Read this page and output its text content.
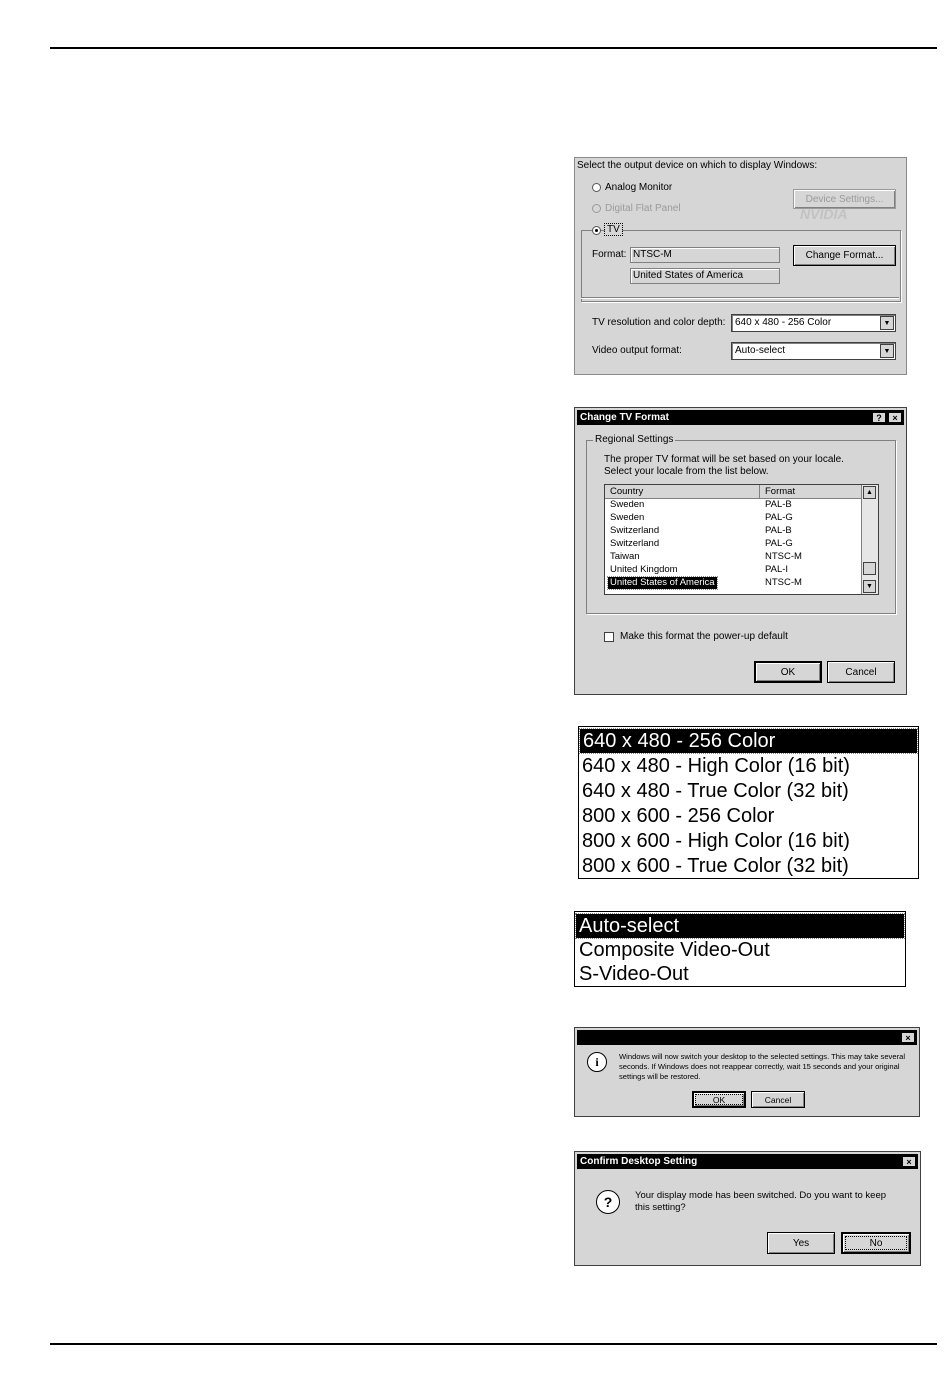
Select the output device on which to display Windows:
Analog Monitor
Digital Flat Panel
Device Settings...
NVIDIA
TV
Format: NTSC-M
United States of America
Change Format...
TV resolution and color depth: 640 x 480 - 256 Color	▼
Video output format:	Auto-select	▼
Change TV Format	?	×
Regional Settings
The proper TV format will be set based on your locale.
Select your locale from the list below.
Country	Format
Sweden	PAL-B
Sweden	PAL-G
Switzerland	PAL-B
Switzerland	PAL-G
Taiwan	NTSC-M
United Kingdom	PAL-I
United States of America	NTSC-M
▲
▼
Make this format the power-up default
OK	Cancel
640 x 480 - 256 Color
640 x 480 - High Color (16 bit)
640 x 480 - True Color (32 bit)
800 x 600 - 256 Color
800 x 600 - High Color (16 bit)
800 x 600 - True Color (32 bit)
Auto-select
Composite Video-Out
S-Video-Out
×
i	Windows will now switch your desktop to the selected settings. This may take several
seconds. If Windows does not reappear correctly, wait 15 seconds and your original
settings will be restored.
OK	Cancel
Confirm Desktop Setting	×
?	Your display mode has been switched. Do you want to keep
this setting?
Yes	No
